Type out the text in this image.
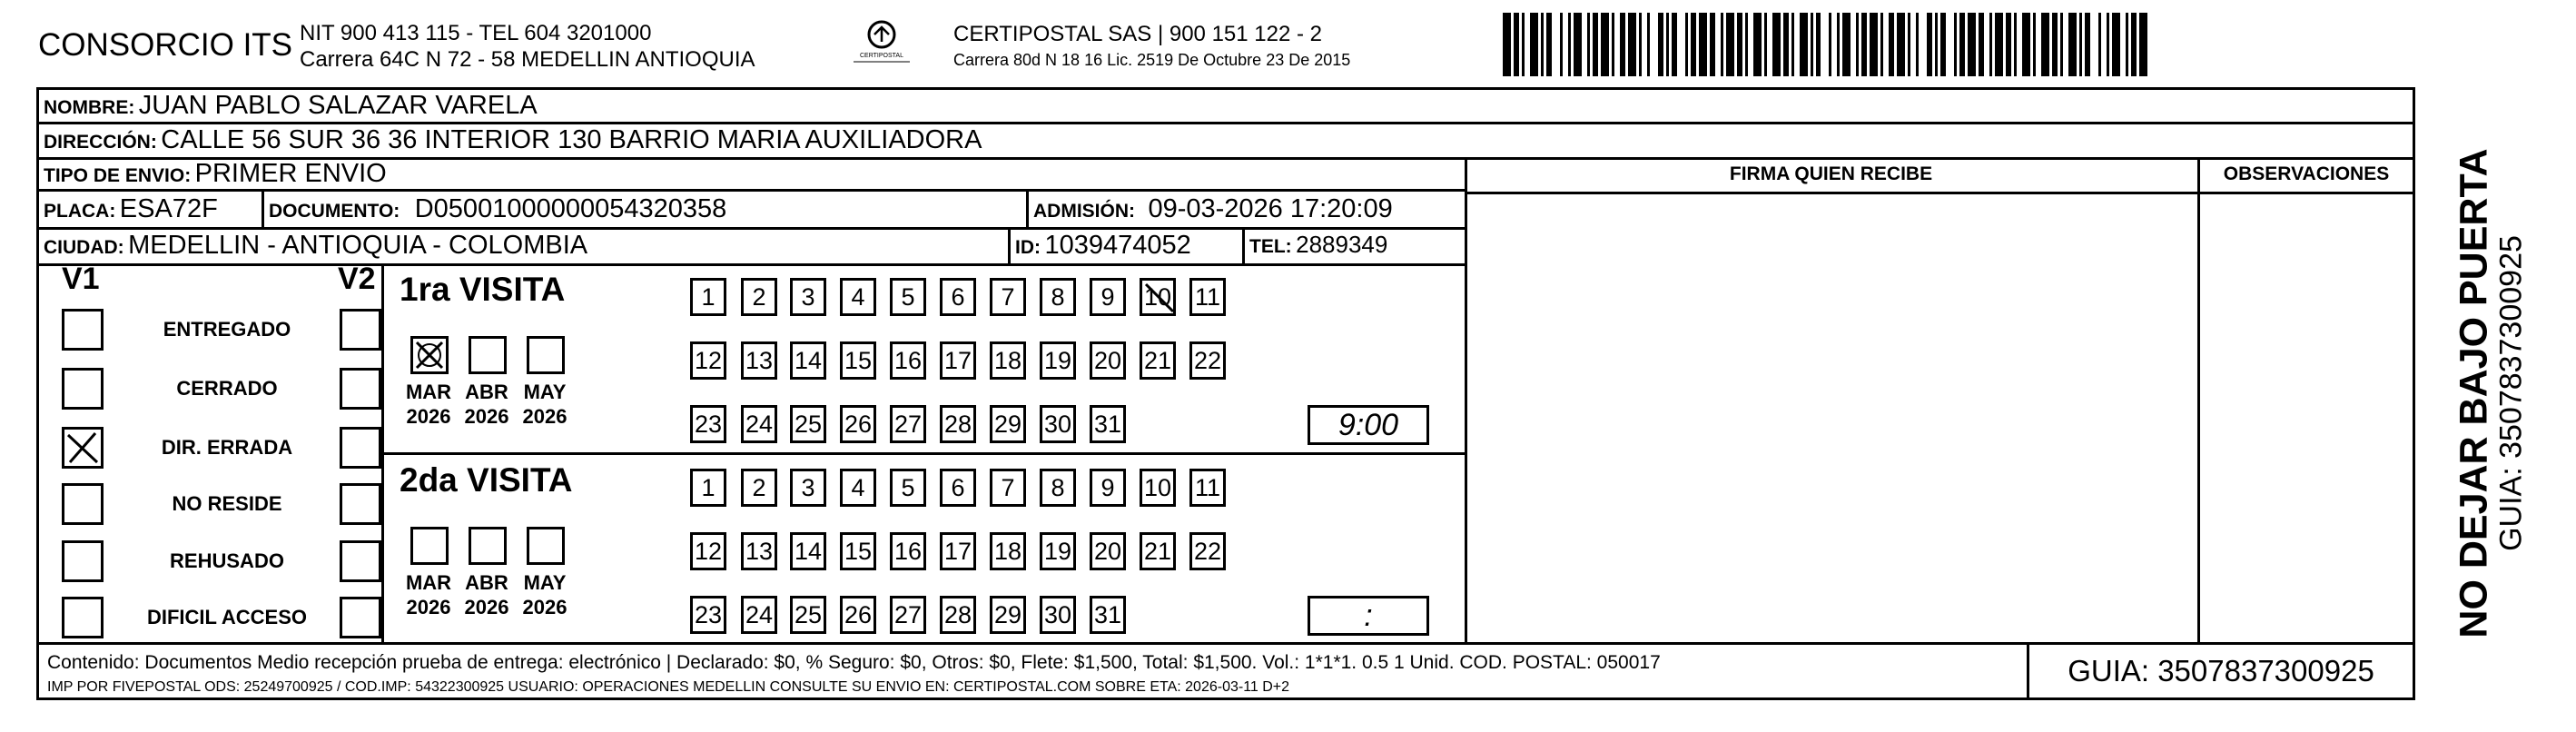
CONSORCIO ITS NIT 900 413 115 - TEL 604 3201000
Carrera 64C N 72 - 58 MEDELLIN ANTIOQUIA	CERTIPOSTAL
CERTIPOSTAL SAS | 900 151 122 - 2
Carrera 80d N 18 16 Lic. 2519 De Octubre 23 De 2015
NOMBRE: JUAN PABLO SALAZAR VARELA
DIRECCIÓN: CALLE 56 SUR 36 36 INTERIOR 130 BARRIO MARIA AUXILIADORA
TIPO DE ENVIO: PRIMER ENVIO	FIRMA QUIEN RECIBE	OBSERVACIONES
PLACA: ESA72F	DOCUMENTO: D05001000000054320358	ADMISIÓN: 09-03-2026 17:20:09
CIUDAD: MEDELLIN - ANTIOQUIA - COLOMBIA	ID: 1039474052	TEL: 2889349
V1	V2
ENTREGADO
CERRADO
DIR. ERRADA
NO RESIDE
REHUSADO
DIFICIL ACCESO
1ra VISITA
MAR
2026
ABR
2026
MAY
2026
1 2 3 4 5 6 7 8 9 10 11
12 13 14 15 16 17 18 19 20 21 22
23 24 25 26 27 28 29 30 31	9:00
2da VISITA
MAR
2026
ABR
2026
MAY
2026
1 2 3 4 5 6 7 8 9 10 11
12 13 14 15 16 17 18 19 20 21 22
23 24 25 26 27 28 29 30 31	:	NO DEJAR BAJO PUERTA
GUIA: 3507837300925
Contenido: Documentos Medio recepción prueba de entrega: electrónico | Declarado: $0, % Seguro: $0, Otros: $0, Flete: $1,500, Total: $1,500. Vol.: 1*1*1. 0.5 1 Unid. COD. POSTAL: 050017
IMP POR FIVEPOSTAL ODS: 25249700925 / COD.IMP: 54322300925 USUARIO: OPERACIONES MEDELLIN CONSULTE SU ENVIO EN: CERTIPOSTAL.COM SOBRE ETA: 2026-03-11 D+2	GUIA: 3507837300925
